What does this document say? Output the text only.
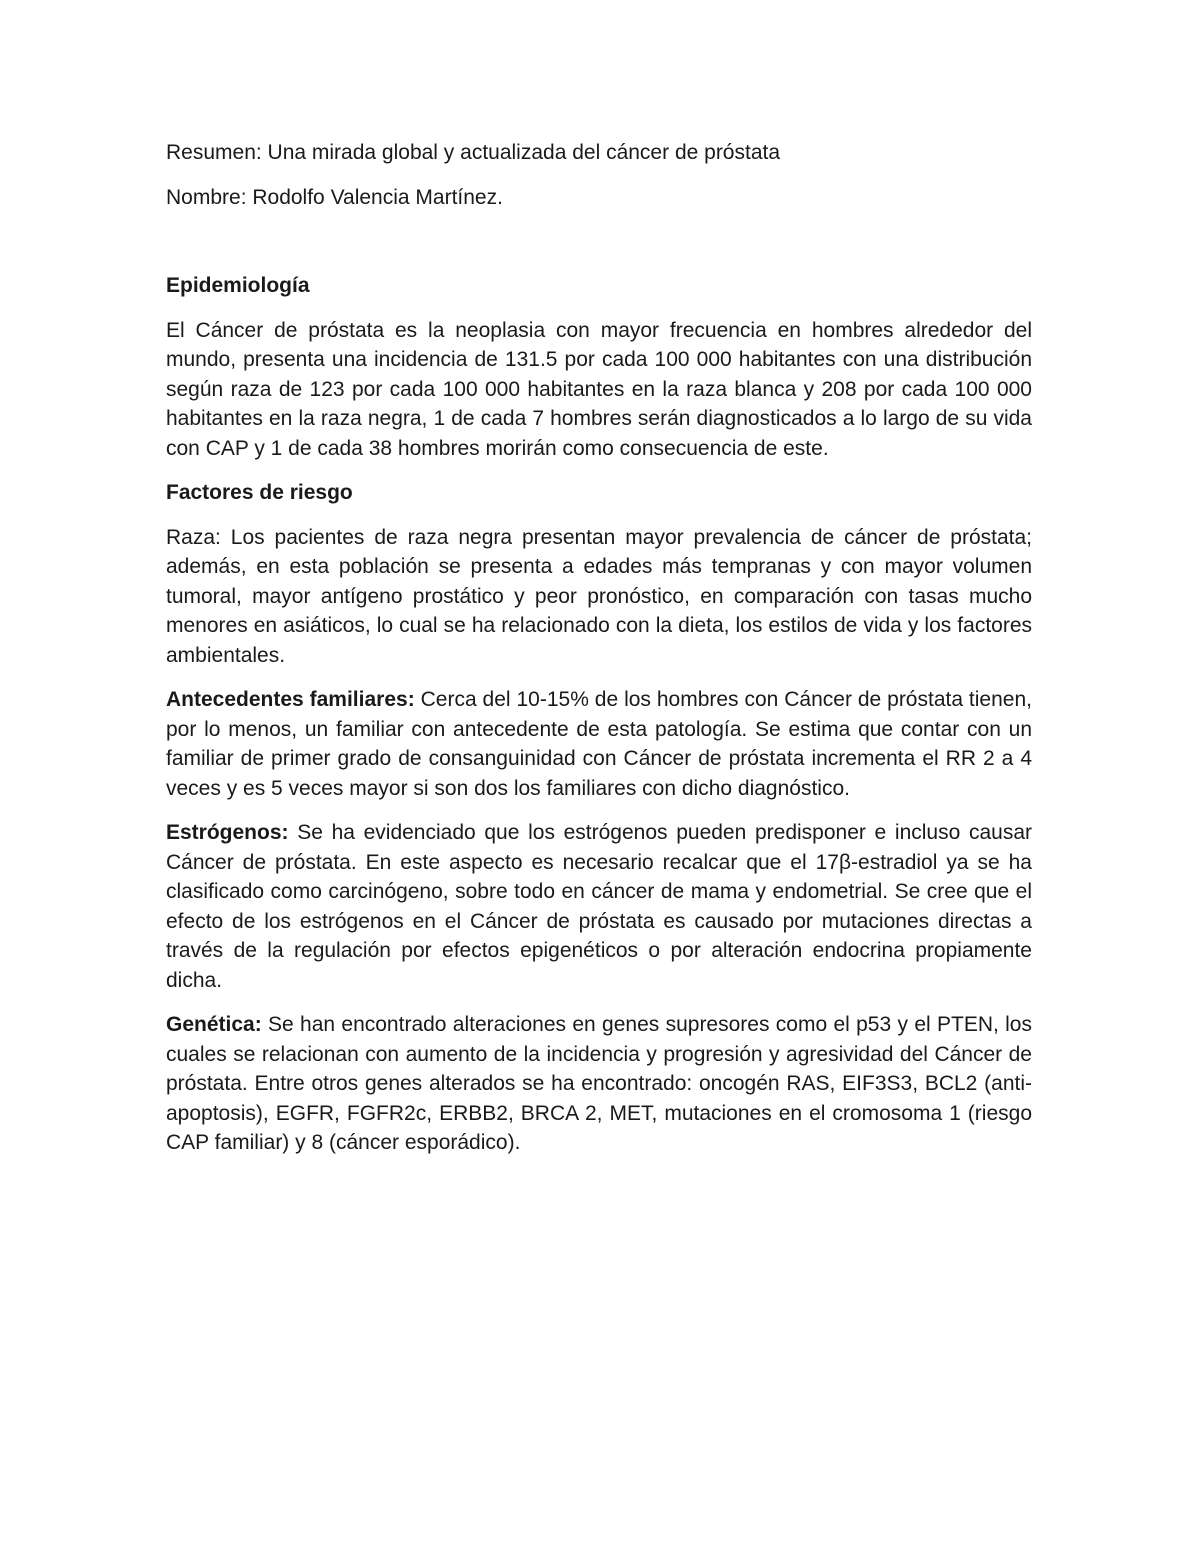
Resumen: Una mirada global y actualizada del cáncer de próstata
Nombre: Rodolfo Valencia Martínez.
Epidemiología

El Cáncer de próstata es la neoplasia con mayor frecuencia en hombres alrededor del mundo, presenta una incidencia de 131.5 por cada 100 000 habitantes con una distribución según raza de 123 por cada 100 000 habitantes en la raza blanca y 208 por cada 100 000 habitantes en la raza negra, 1 de cada 7 hombres serán diagnosticados a lo largo de su vida con CAP y 1 de cada 38 hombres morirán como consecuencia de este.

Factores de riesgo

Raza: Los pacientes de raza negra presentan mayor prevalencia de cáncer de próstata; además, en esta población se presenta a edades más tempranas y con mayor volumen tumoral, mayor antígeno prostático y peor pronóstico, en comparación con tasas mucho menores en asiáticos, lo cual se ha relacionado con la dieta, los estilos de vida y los factores ambientales.

Antecedentes familiares: Cerca del 10-15% de los hombres con Cáncer de próstata tienen, por lo menos, un familiar con antecedente de esta patología. Se estima que contar con un familiar de primer grado de consanguinidad con Cáncer de próstata incrementa el RR 2 a 4 veces y es 5 veces mayor si son dos los familiares con dicho diagnóstico.

Estrógenos: Se ha evidenciado que los estrógenos pueden predisponer e incluso causar Cáncer de próstata. En este aspecto es necesario recalcar que el 17β-estradiol ya se ha clasificado como carcinógeno, sobre todo en cáncer de mama y endometrial. Se cree que el efecto de los estrógenos en el Cáncer de próstata es causado por mutaciones directas a través de la regulación por efectos epigenéticos o por alteración endocrina propiamente dicha.

Genética: Se han encontrado alteraciones en genes supresores como el p53 y el PTEN, los cuales se relacionan con aumento de la incidencia y progresión y agresividad del Cáncer de próstata. Entre otros genes alterados se ha encontrado: oncogén RAS, EIF3S3, BCL2 (anti-apoptosis), EGFR, FGFR2c, ERBB2, BRCA 2, MET, mutaciones en el cromosoma 1 (riesgo CAP familiar) y 8 (cáncer esporádico).
